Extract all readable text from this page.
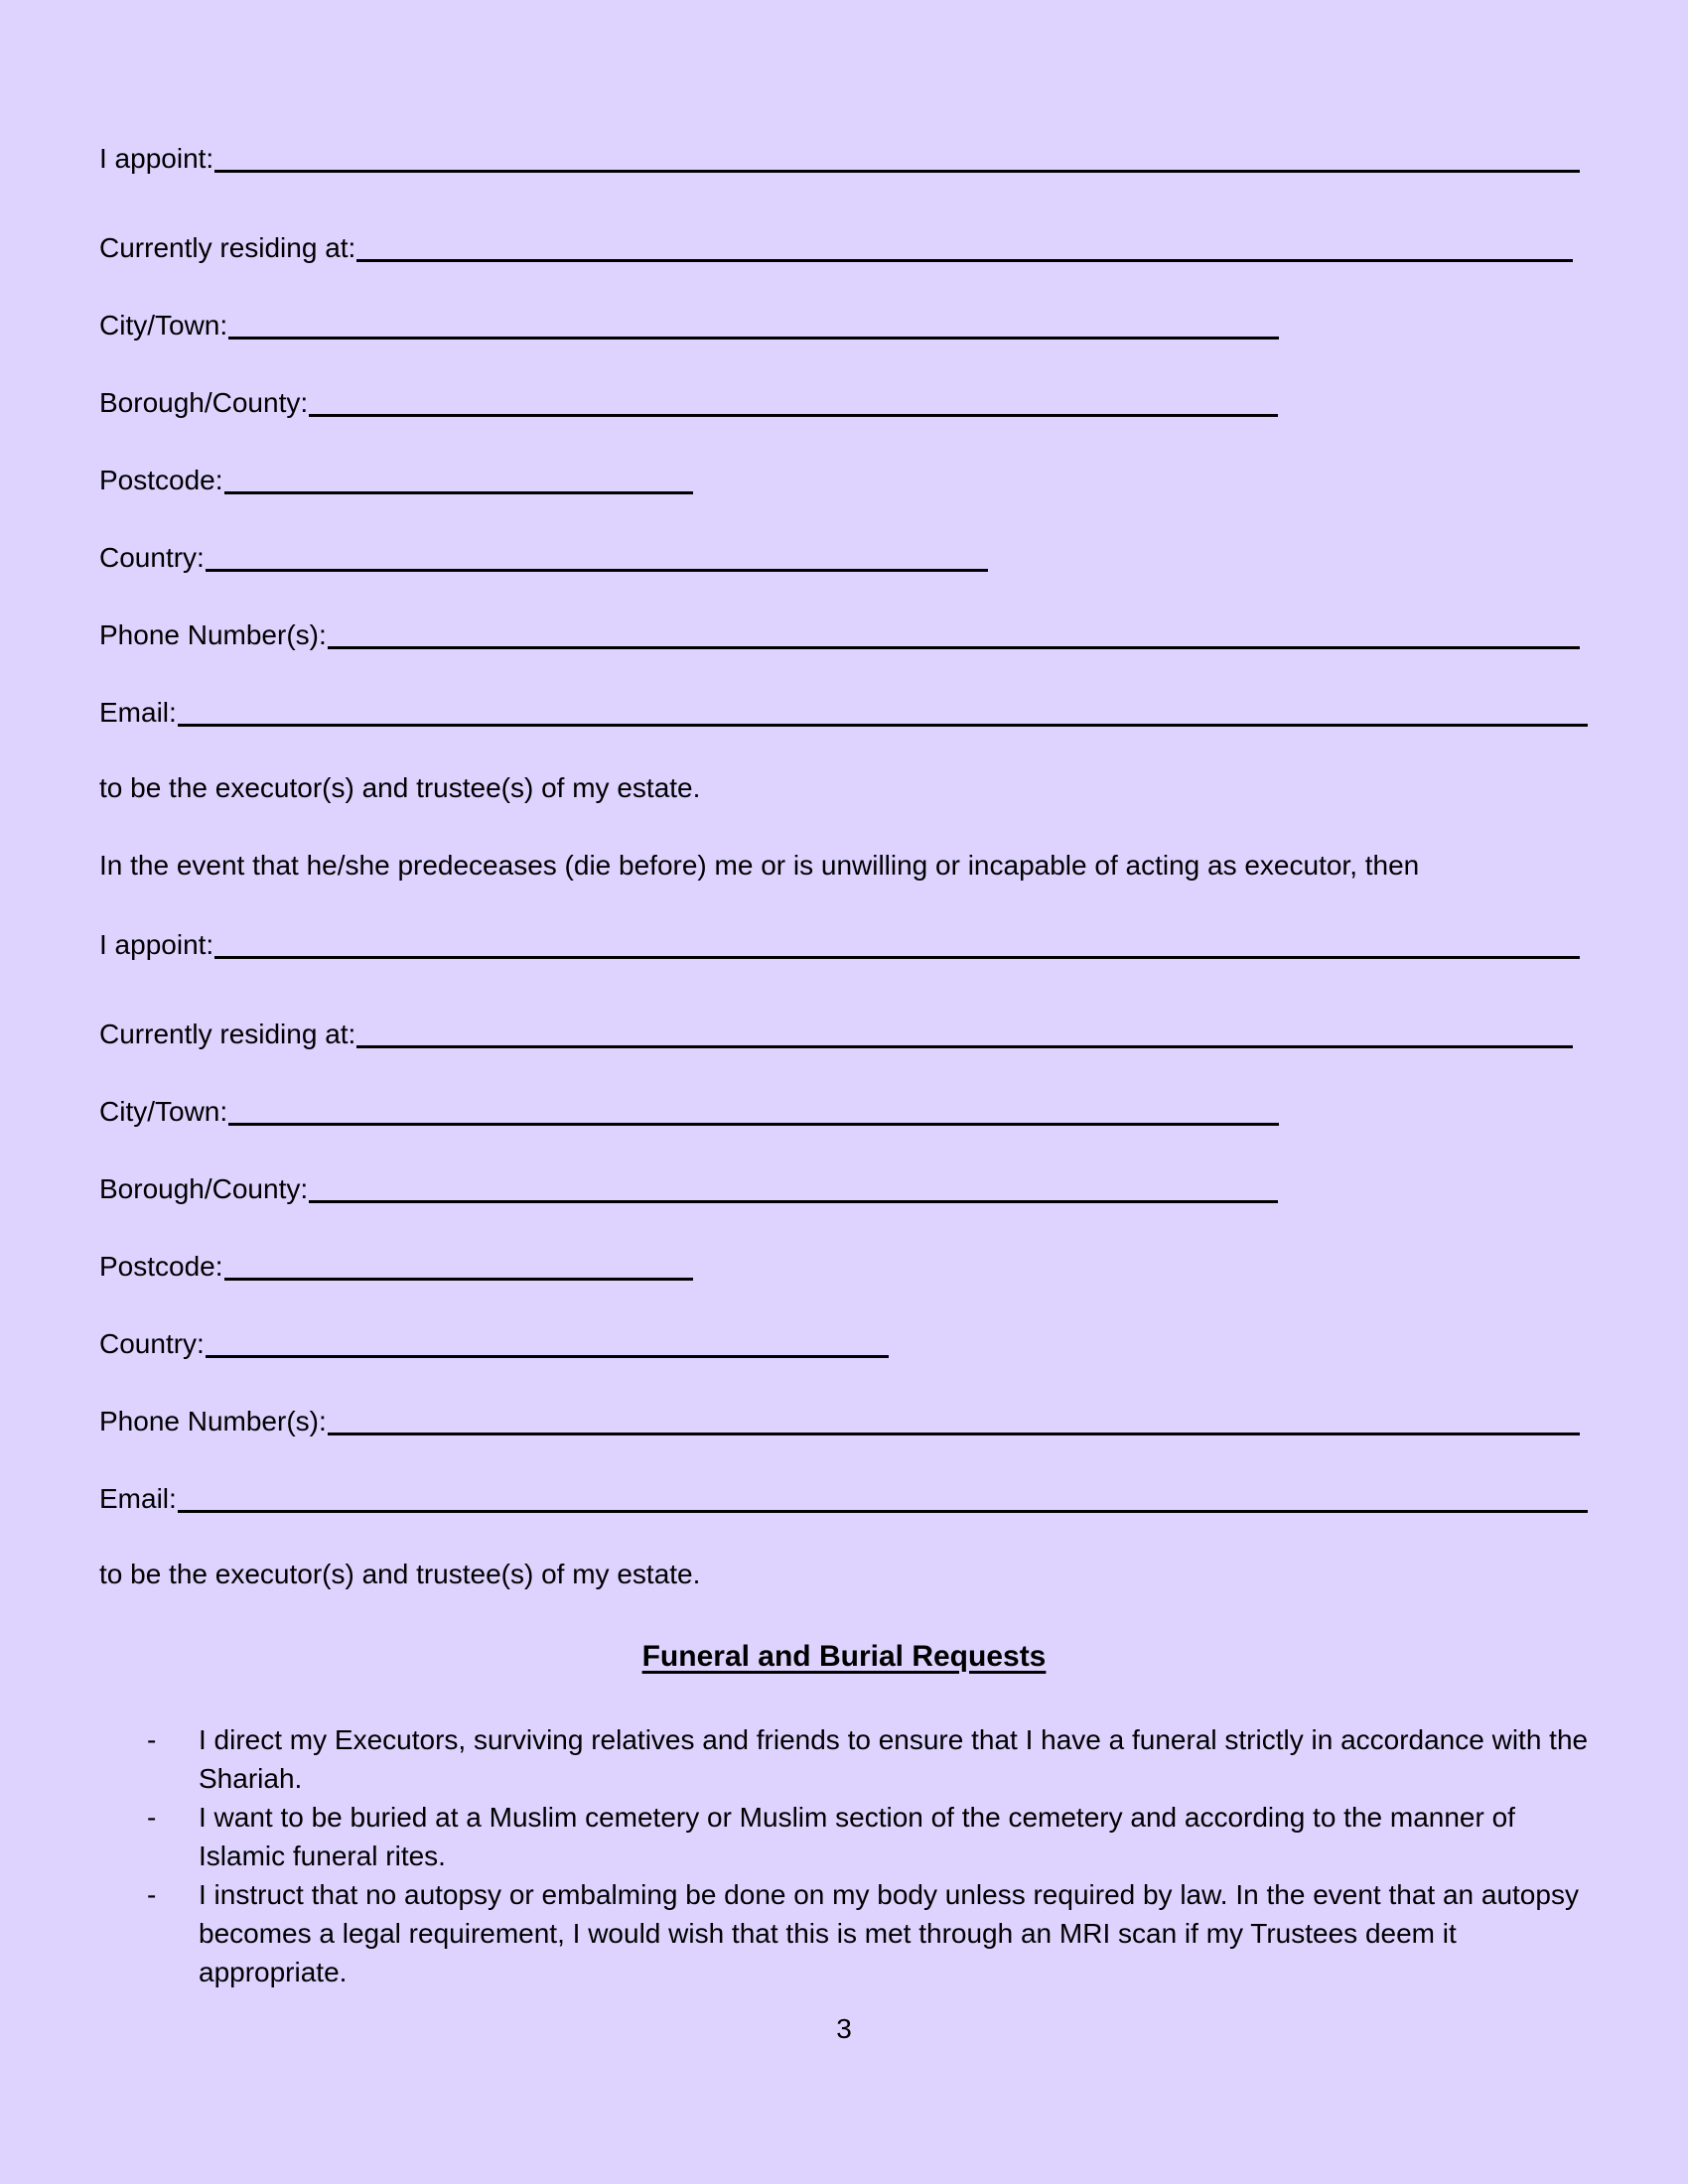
I appoint:
Currently residing at:
City/Town:
Borough/County:
Postcode:
Country:
Phone Number(s):
Email:
to be the executor(s) and trustee(s) of my estate.
In the event that he/she predeceases (die before) me or is unwilling or incapable of acting as executor, then
I appoint:
Currently residing at:
City/Town:
Borough/County:
Postcode:
Country:
Phone Number(s):
Email:
to be the executor(s) and trustee(s) of my estate.
Funeral and Burial Requests
-	I direct my Executors, surviving relatives and friends to ensure that I have a funeral strictly in accordance with the Shariah.
-	I want to be buried at a Muslim cemetery or Muslim section of the cemetery and according to the manner of Islamic funeral rites.
-	I instruct that no autopsy or embalming be done on my body unless required by law. In the event that an autopsy becomes a legal requirement, I would wish that this is met through an MRI scan if my Trustees deem it appropriate.
3
